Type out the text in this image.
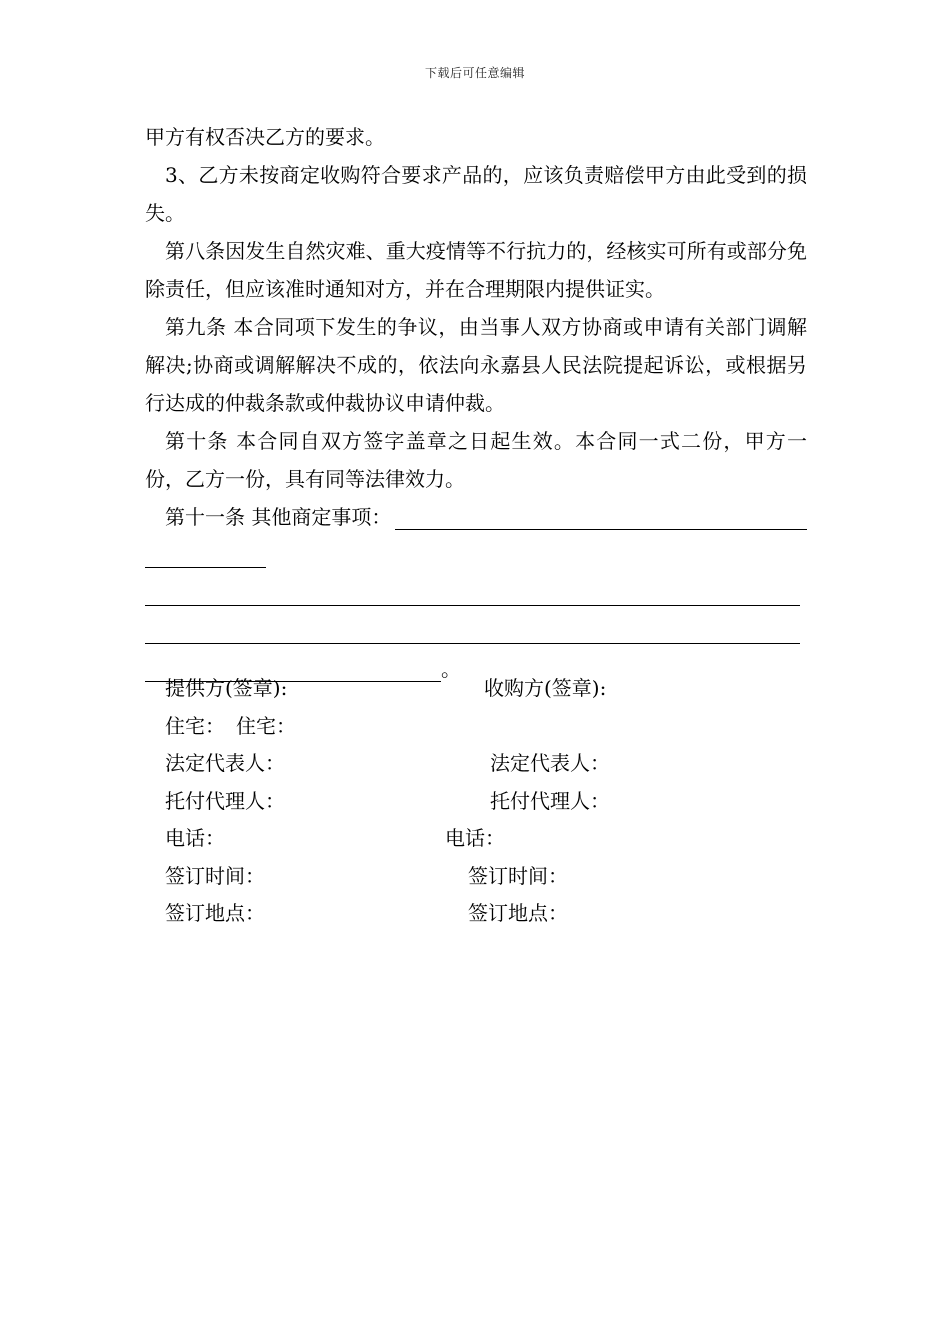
下载后可任意编辑

甲方有权否决乙方的要求。

3、乙方未按商定收购符合要求产品的，应该负责赔偿甲方由此受到的损失。

第八条因发生自然灾难、重大疫情等不行抗力的，经核实可所有或部分免除责任，但应该准时通知对方，并在合理期限内提供证实。

第九条 本合同项下发生的争议，由当事人双方协商或申请有关部门调解解决;协商或调解解决不成的，依法向永嘉县人民法院提起诉讼，或根据另行达成的仲裁条款或仲裁协议申请仲裁。

第十条 本合同自双方签字盖章之日起生效。本合同一式二份，甲方一份，乙方一份，具有同等法律效力。

第十一条 其他商定事项：
。
提供方(签章):	收购方(签章):
住宅： 住宅：
法定代表人：	法定代表人：
托付代理人：	托付代理人：
电话：	电话：
签订时间：	签订时间：
签订地点：	签订地点：
